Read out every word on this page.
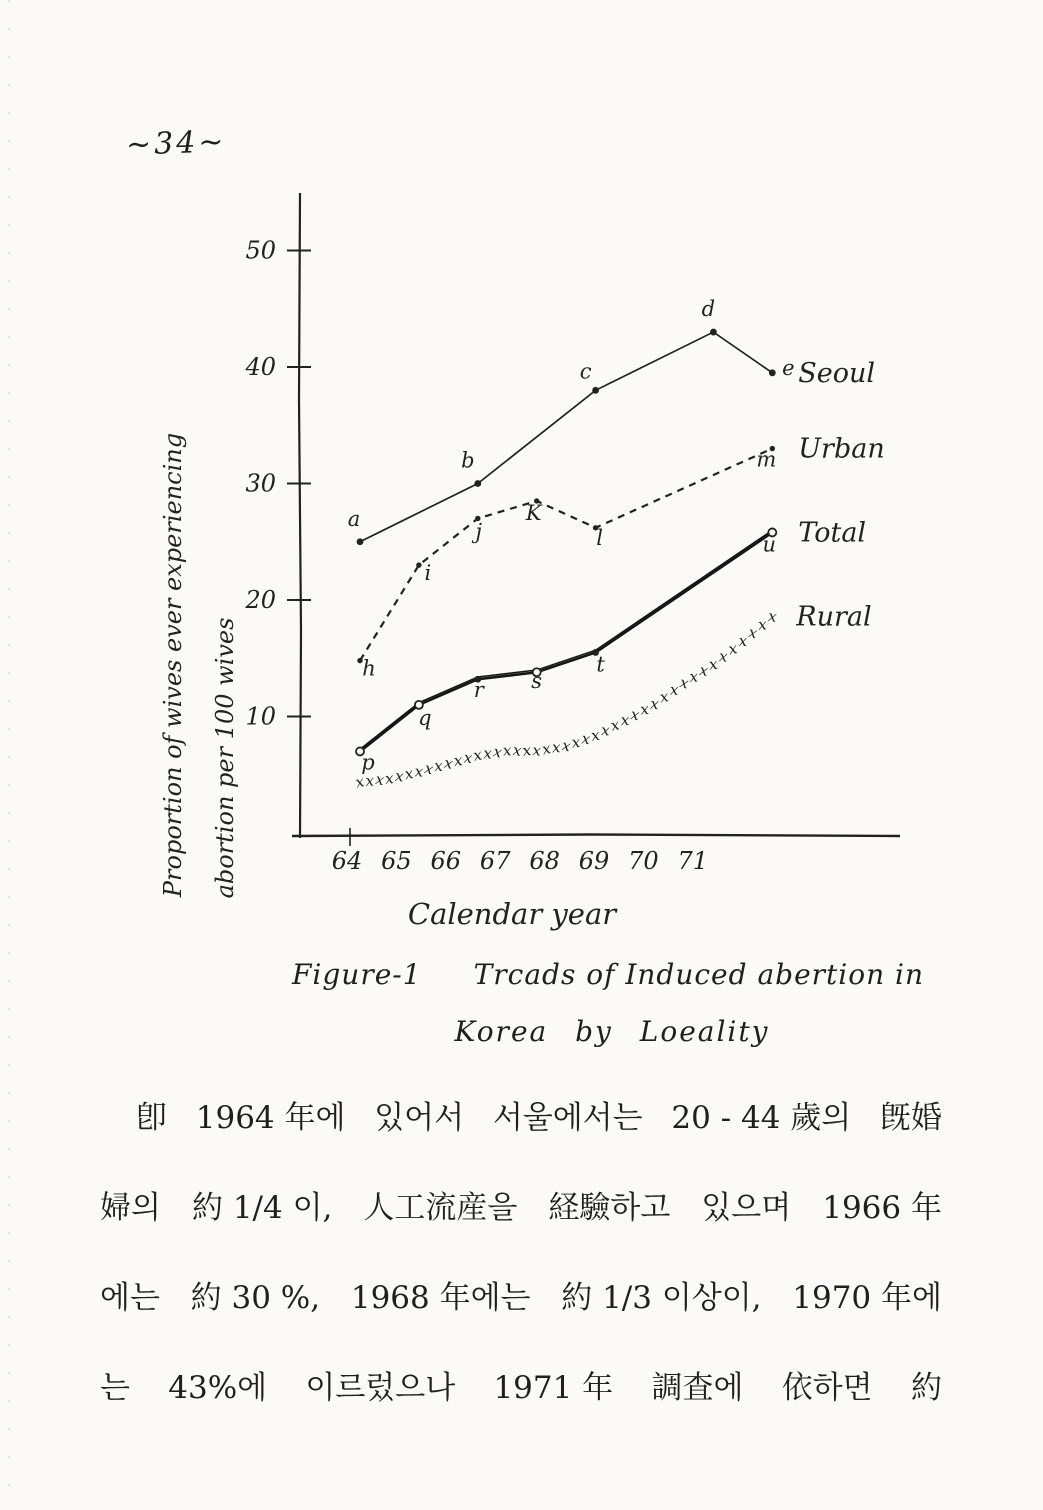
~34~
10
20
30
40
50
64 65 66 67 68 69 70 71
Calendar year
Proportion of wives ever experiencing abortion per 100 wives
a
b
c
d
e Seoul
h
i
j
K
l
m Urban
p
q
r s
t
u Total
x x x
x x
x x x
x x
x x
x x x
x x
x x
x x x
x x
x x
x x x
x x
x x x
x x
x x
x x x
x x Rural
Figure-1 Trcads of Induced abertion in
Korea by Loeality
卽 1964 年에 있어서 서울에서는 20 - 44 歲의 旣婚
婦의 約 1/4 이, 人工流産을 経驗하고 있으며 1966 年
에는 約 30 %, 1968 年에는 約 1/3 이상이, 1970 年에
는 43%에 이르렀으나 1971 年 調査에 依하면 約
